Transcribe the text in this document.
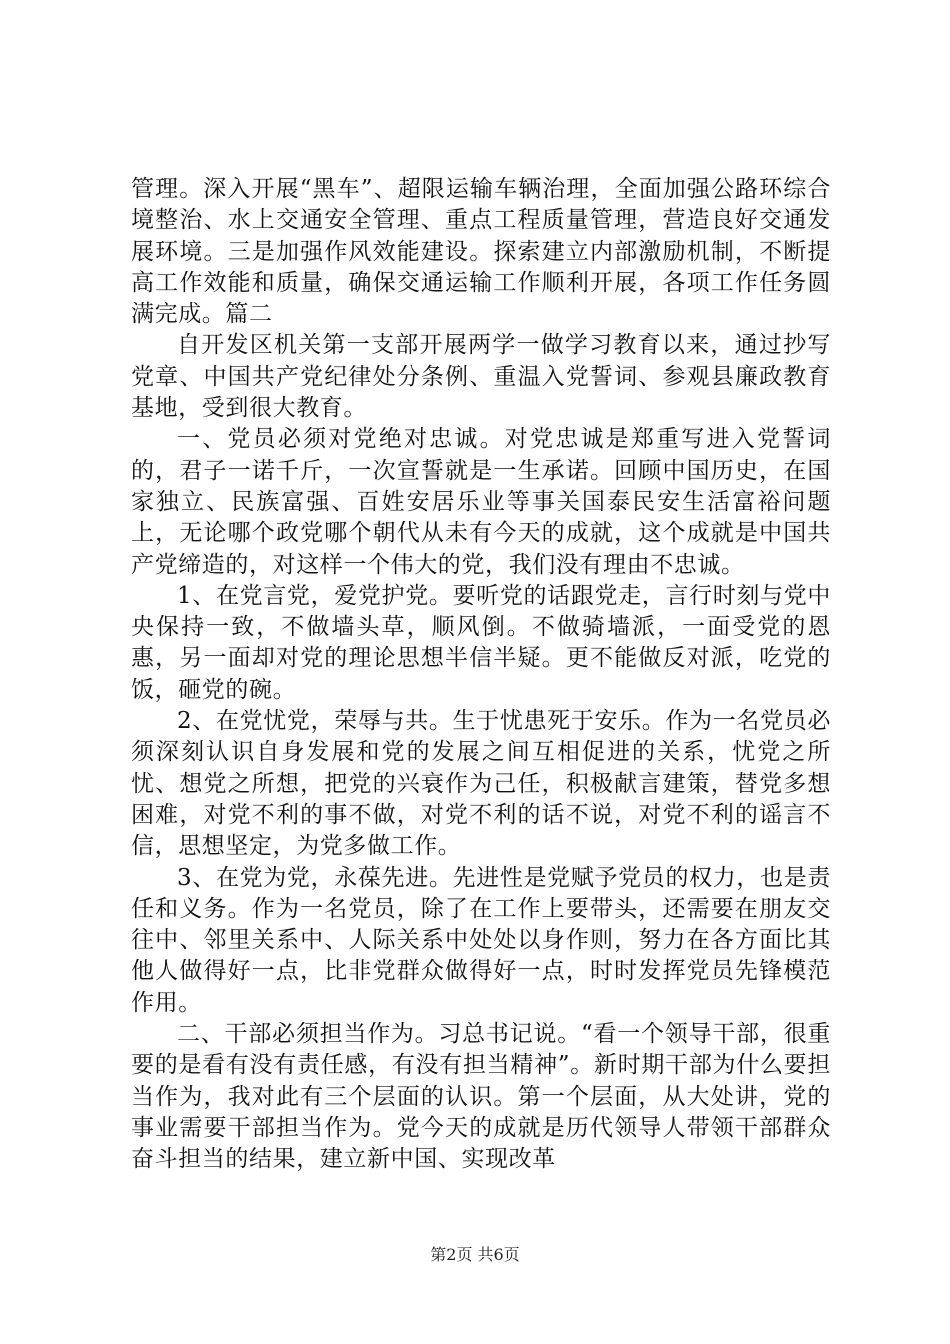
管理。深入开展“黑车”、超限运输车辆治理，全面加强公路环综合境整治、水上交通安全管理、重点工程质量管理，营造良好交通发展环境。三是加强作风效能建设。探索建立内部激励机制，不断提高工作效能和质量，确保交通运输工作顺利开展，各项工作任务圆满完成。篇二

自开发区机关第一支部开展两学一做学习教育以来，通过抄写党章、中国共产党纪律处分条例、重温入党誓词、参观县廉政教育基地，受到很大教育。

一、党员必须对党绝对忠诚。对党忠诚是郑重写进入党誓词的，君子一诺千斤，一次宣誓就是一生承诺。回顾中国历史，在国家独立、民族富强、百姓安居乐业等事关国泰民安生活富裕问题上，无论哪个政党哪个朝代从未有今天的成就，这个成就是中国共产党缔造的，对这样一个伟大的党，我们没有理由不忠诚。

1、在党言党，爱党护党。要听党的话跟党走，言行时刻与党中央保持一致，不做墙头草，顺风倒。不做骑墙派，一面受党的恩惠，另一面却对党的理论思想半信半疑。更不能做反对派，吃党的饭，砸党的碗。

2、在党忧党，荣辱与共。生于忧患死于安乐。作为一名党员必须深刻认识自身发展和党的发展之间互相促进的关系，忧党之所忧、想党之所想，把党的兴衰作为己任，积极献言建策，替党多想困难，对党不利的事不做，对党不利的话不说，对党不利的谣言不信，思想坚定，为党多做工作。

3、在党为党，永葆先进。先进性是党赋予党员的权力，也是责任和义务。作为一名党员，除了在工作上要带头，还需要在朋友交往中、邻里关系中、人际关系中处处以身作则，努力在各方面比其他人做得好一点，比非党群众做得好一点，时时发挥党员先锋模范作用。

二、干部必须担当作为。习总书记说。“看一个领导干部，很重要的是看有没有责任感，有没有担当精神”。新时期干部为什么要担当作为，我对此有三个层面的认识。第一个层面，从大处讲，党的事业需要干部担当作为。党今天的成就是历代领导人带领干部群众奋斗担当的结果，建立新中国、实现改革

第2页 共6页
